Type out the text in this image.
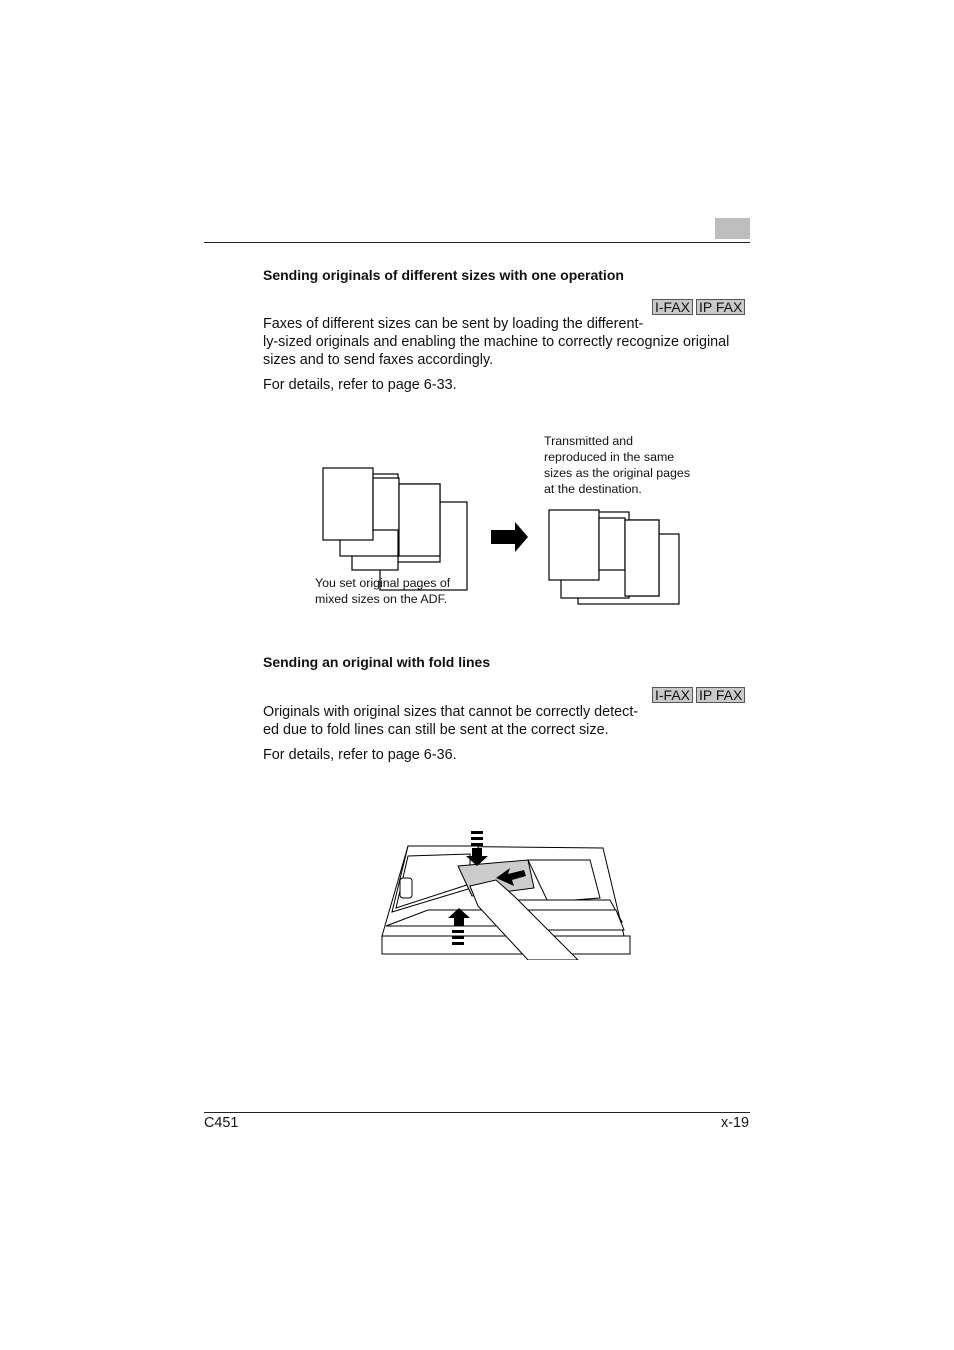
Sending originals of different sizes with one operation
I-FAX IP FAX

Faxes of different sizes can be sent by loading the different-
ly-sized originals and enabling the machine to correctly recognize original sizes and to send faxes accordingly.

For details, refer to page 6-33.

Transmitted and
reproduced in the same
sizes as the original pages
at the destination.

You set original pages of
mixed sizes on the ADF.

Sending an original with fold lines
I-FAX IP FAX

Originals with original sizes that cannot be correctly detect-
ed due to fold lines can still be sent at the correct size.

For details, refer to page 6-36.

C451	x-19
